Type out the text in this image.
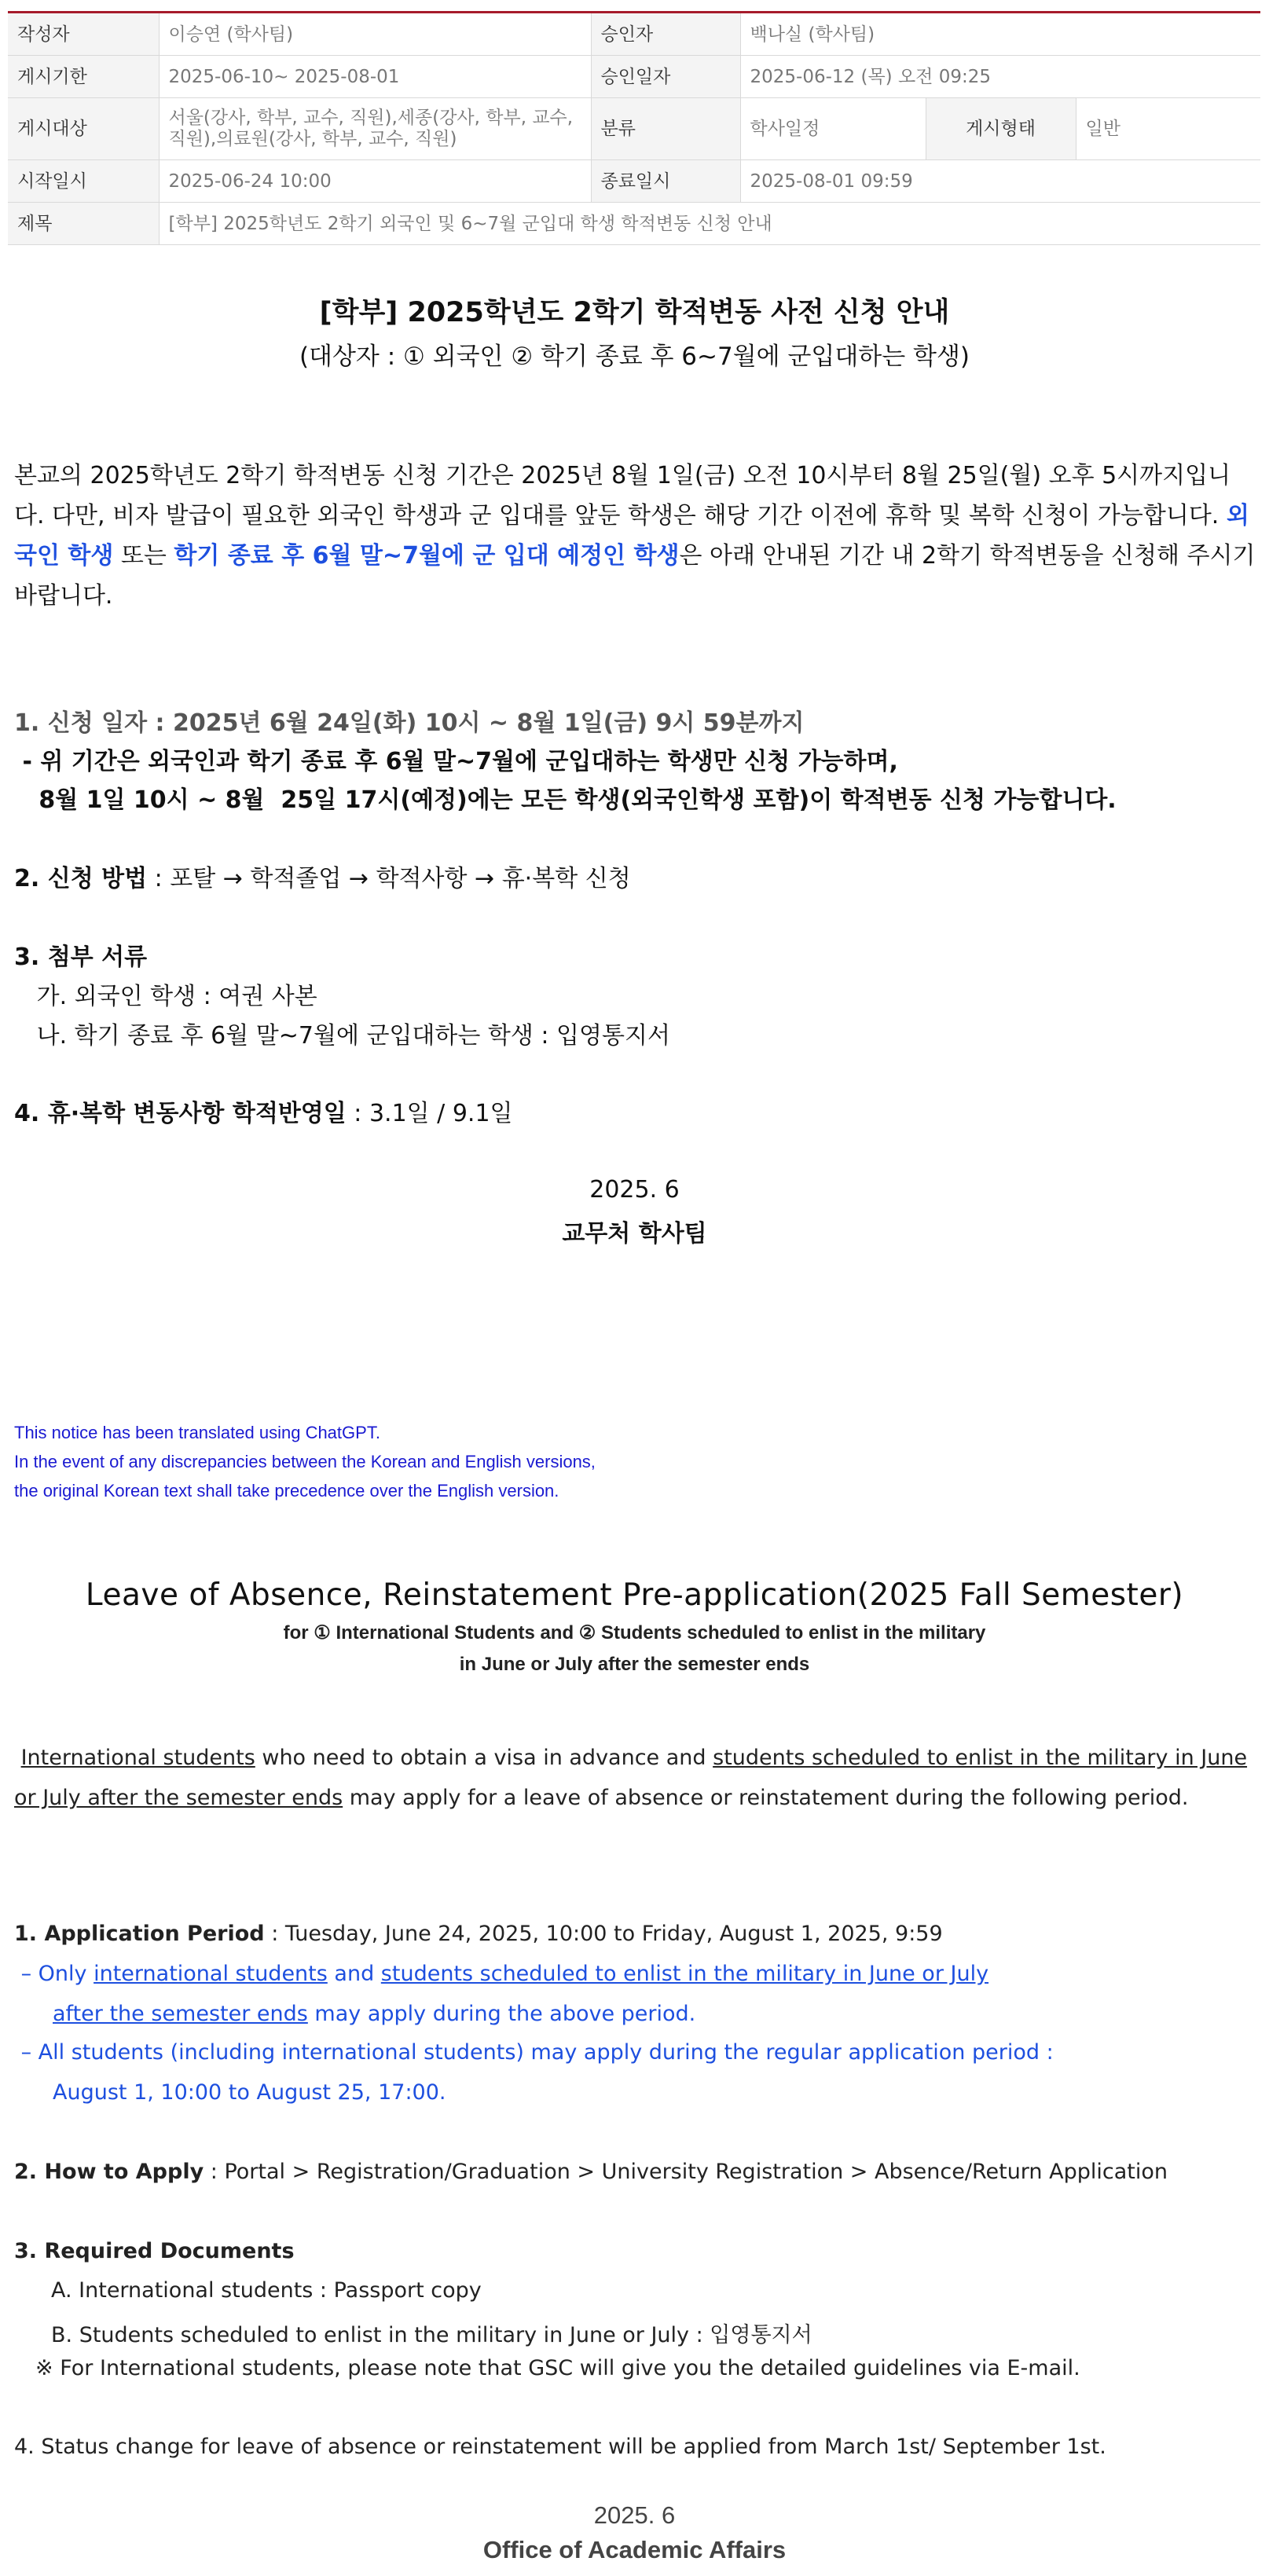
작성자	이승연 (학사팀)	승인자	백나실 (학사팀)		
게시기한	2025-06-10~ 2025-08-01	승인일자	2025-06-12 (목) 오전 09:25		
게시대상	서울(강사, 학부, 교수, 직원),세종(강사, 학부, 교수, 직원),의료원(강사, 학부, 교수, 직원)	분류	학사일정	게시형태	일반
시작일시	2025-06-24 10:00	종료일시	2025-08-01 09:59		
제목	[학부] 2025학년도 2학기 외국인 및 6~7월 군입대 학생 학적변동 신청 안내				
[학부] 2025학년도 2학기 학적변동 사전 신청 안내
(대상자 : ① 외국인 ② 학기 종료 후 6~7월에 군입대하는 학생)
본교의 2025학년도 2학기 학적변동 신청 기간은 2025년 8월 1일(금) 오전 10시부터 8월 25일(월) 오후 5시까지입니다. 다만, 비자 발급이 필요한 외국인 학생과 군 입대를 앞둔 학생은 해당 기간 이전에 휴학 및 복학 신청이 가능합니다. 외국인 학생 또는 학기 종료 후 6월 말~7월에 군 입대 예정인 학생은 아래 안내된 기간 내 2학기 학적변동을 신청해 주시기 바랍니다.
1. 신청 일자 : 2025년 6월 24일(화) 10시 ~ 8월 1일(금) 9시 59분까지
- 위 기간은 외국인과 학기 종료 후 6월 말~7월에 군입대하는 학생만 신청 가능하며,
8월 1일 10시 ~ 8월  25일 17시(예정)에는 모든 학생(외국인학생 포함)이 학적변동 신청 가능합니다.
2. 신청 방법 : 포탈 → 학적졸업 → 학적사항 → 휴·복학 신청
3. 첨부 서류
가. 외국인 학생 : 여권 사본
나. 학기 종료 후 6월 말~7월에 군입대하는 학생 : 입영통지서
4. 휴·복학 변동사항 학적반영일 : 3.1일 / 9.1일
2025. 6
교무처 학사팀
This notice has been translated using ChatGPT.
In the event of any discrepancies between the Korean and English versions,
the original Korean text shall take precedence over the English version.
Leave of Absence, Reinstatement Pre-application(2025 Fall Semester)
for ① International Students and ② Students scheduled to enlist in the military
in June or July after the semester ends
International students who need to obtain a visa in advance and students scheduled to enlist in the military in June or July after the semester ends may apply for a leave of absence or reinstatement during the following period.
1. Application Period : Tuesday, June 24, 2025, 10:00 to Friday, August 1, 2025, 9:59
– Only international students and students scheduled to enlist in the military in June or July
after the semester ends may apply during the above period.
– All students (including international students) may apply during the regular application period :
August 1, 10:00 to August 25, 17:00.
2. How to Apply : Portal > Registration/Graduation > University Registration > Absence/Return Application
3. Required Documents
A. International students : Passport copy
B. Students scheduled to enlist in the military in June or July : 입영통지서
※ For International students, please note that GSC will give you the detailed guidelines via E-mail.
4. Status change for leave of absence or reinstatement will be applied from March 1st/ September 1st.
2025. 6
Office of Academic Affairs
